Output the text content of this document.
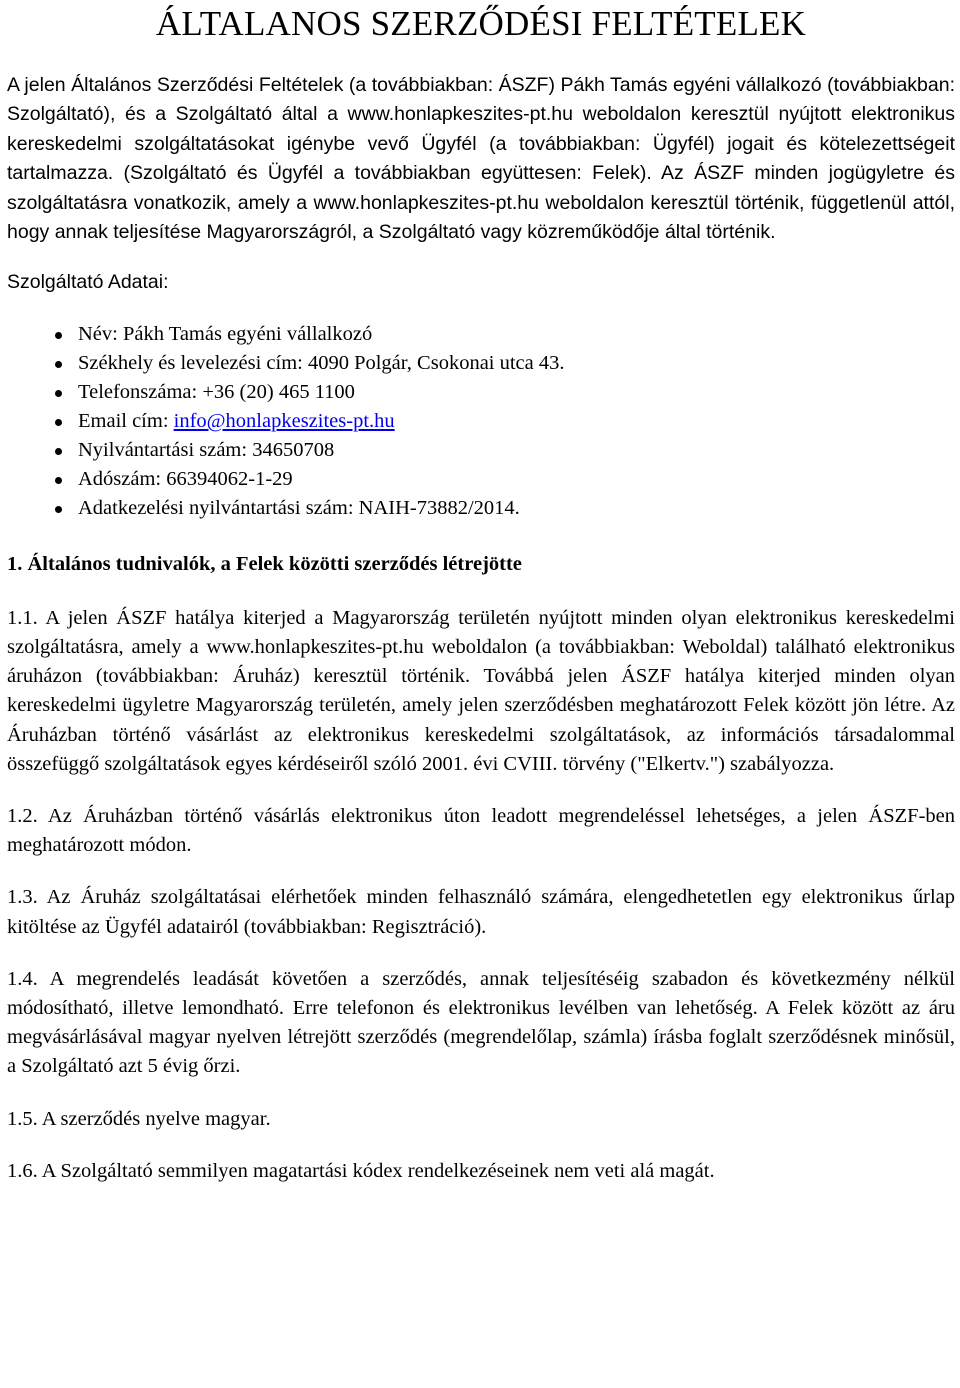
ÁLTALANOS SZERZŐDÉSI FELTÉTELEK

A jelen Általános Szerződési Feltételek (a továbbiakban: ÁSZF) Pákh Tamás egyéni vállalkozó (továbbiakban: Szolgáltató), és a Szolgáltató által a www.honlapkeszites-pt.hu weboldalon keresztül nyújtott elektronikus kereskedelmi szolgáltatásokat igénybe vevő Ügyfél (a továbbiakban: Ügyfél) jogait és kötelezettségeit tartalmazza. (Szolgáltató és Ügyfél a továbbiakban együttesen: Felek). Az ÁSZF minden jogügyletre és szolgáltatásra vonatkozik, amely a www.honlapkeszites-pt.hu weboldalon keresztül történik, függetlenül attól, hogy annak teljesítése Magyarországról, a Szolgáltató vagy közreműködője által történik.

Szolgáltató Adatai:

Név: Pákh Tamás egyéni vállalkozó
Székhely és levelezési cím: 4090 Polgár, Csokonai utca 43.
Telefonszáma: +36 (20) 465 1100
Email cím: info@honlapkeszites-pt.hu
Nyilvántartási szám: 34650708
Adószám: 66394062-1-29
Adatkezelési nyilvántartási szám: NAIH-73882/2014.
1. Általános tudnivalók, a Felek közötti szerződés létrejötte

1.1. A jelen ÁSZF hatálya kiterjed a Magyarország területén nyújtott minden olyan elektronikus kereskedelmi szolgáltatásra, amely a www.honlapkeszites-pt.hu weboldalon (a továbbiakban: Weboldal) található elektronikus áruházon (továbbiakban: Áruház) keresztül történik. Továbbá jelen ÁSZF hatálya kiterjed minden olyan kereskedelmi ügyletre Magyarország területén, amely jelen szerződésben meghatározott Felek között jön létre. Az Áruházban történő vásárlást az elektronikus kereskedelmi szolgáltatások, az információs társadalommal összefüggő szolgáltatások egyes kérdéseiről szóló 2001. évi CVIII. törvény ("Elkertv.") szabályozza.

1.2. Az Áruházban történő vásárlás elektronikus úton leadott megrendeléssel lehetséges, a jelen ÁSZF-ben meghatározott módon.

1.3. Az Áruház szolgáltatásai elérhetőek minden felhasználó számára, elengedhetetlen egy elektronikus űrlap kitöltése az Ügyfél adatairól (továbbiakban: Regisztráció).

1.4. A megrendelés leadását követően a szerződés, annak teljesítéséig szabadon és következmény nélkül módosítható, illetve lemondható. Erre telefonon és elektronikus levélben van lehetőség. A Felek között az áru megvásárlásával magyar nyelven létrejött szerződés (megrendelőlap, számla) írásba foglalt szerződésnek minősül, a Szolgáltató azt 5 évig őrzi.

1.5. A szerződés nyelve magyar.

1.6. A Szolgáltató semmilyen magatartási kódex rendelkezéseinek nem veti alá magát.
